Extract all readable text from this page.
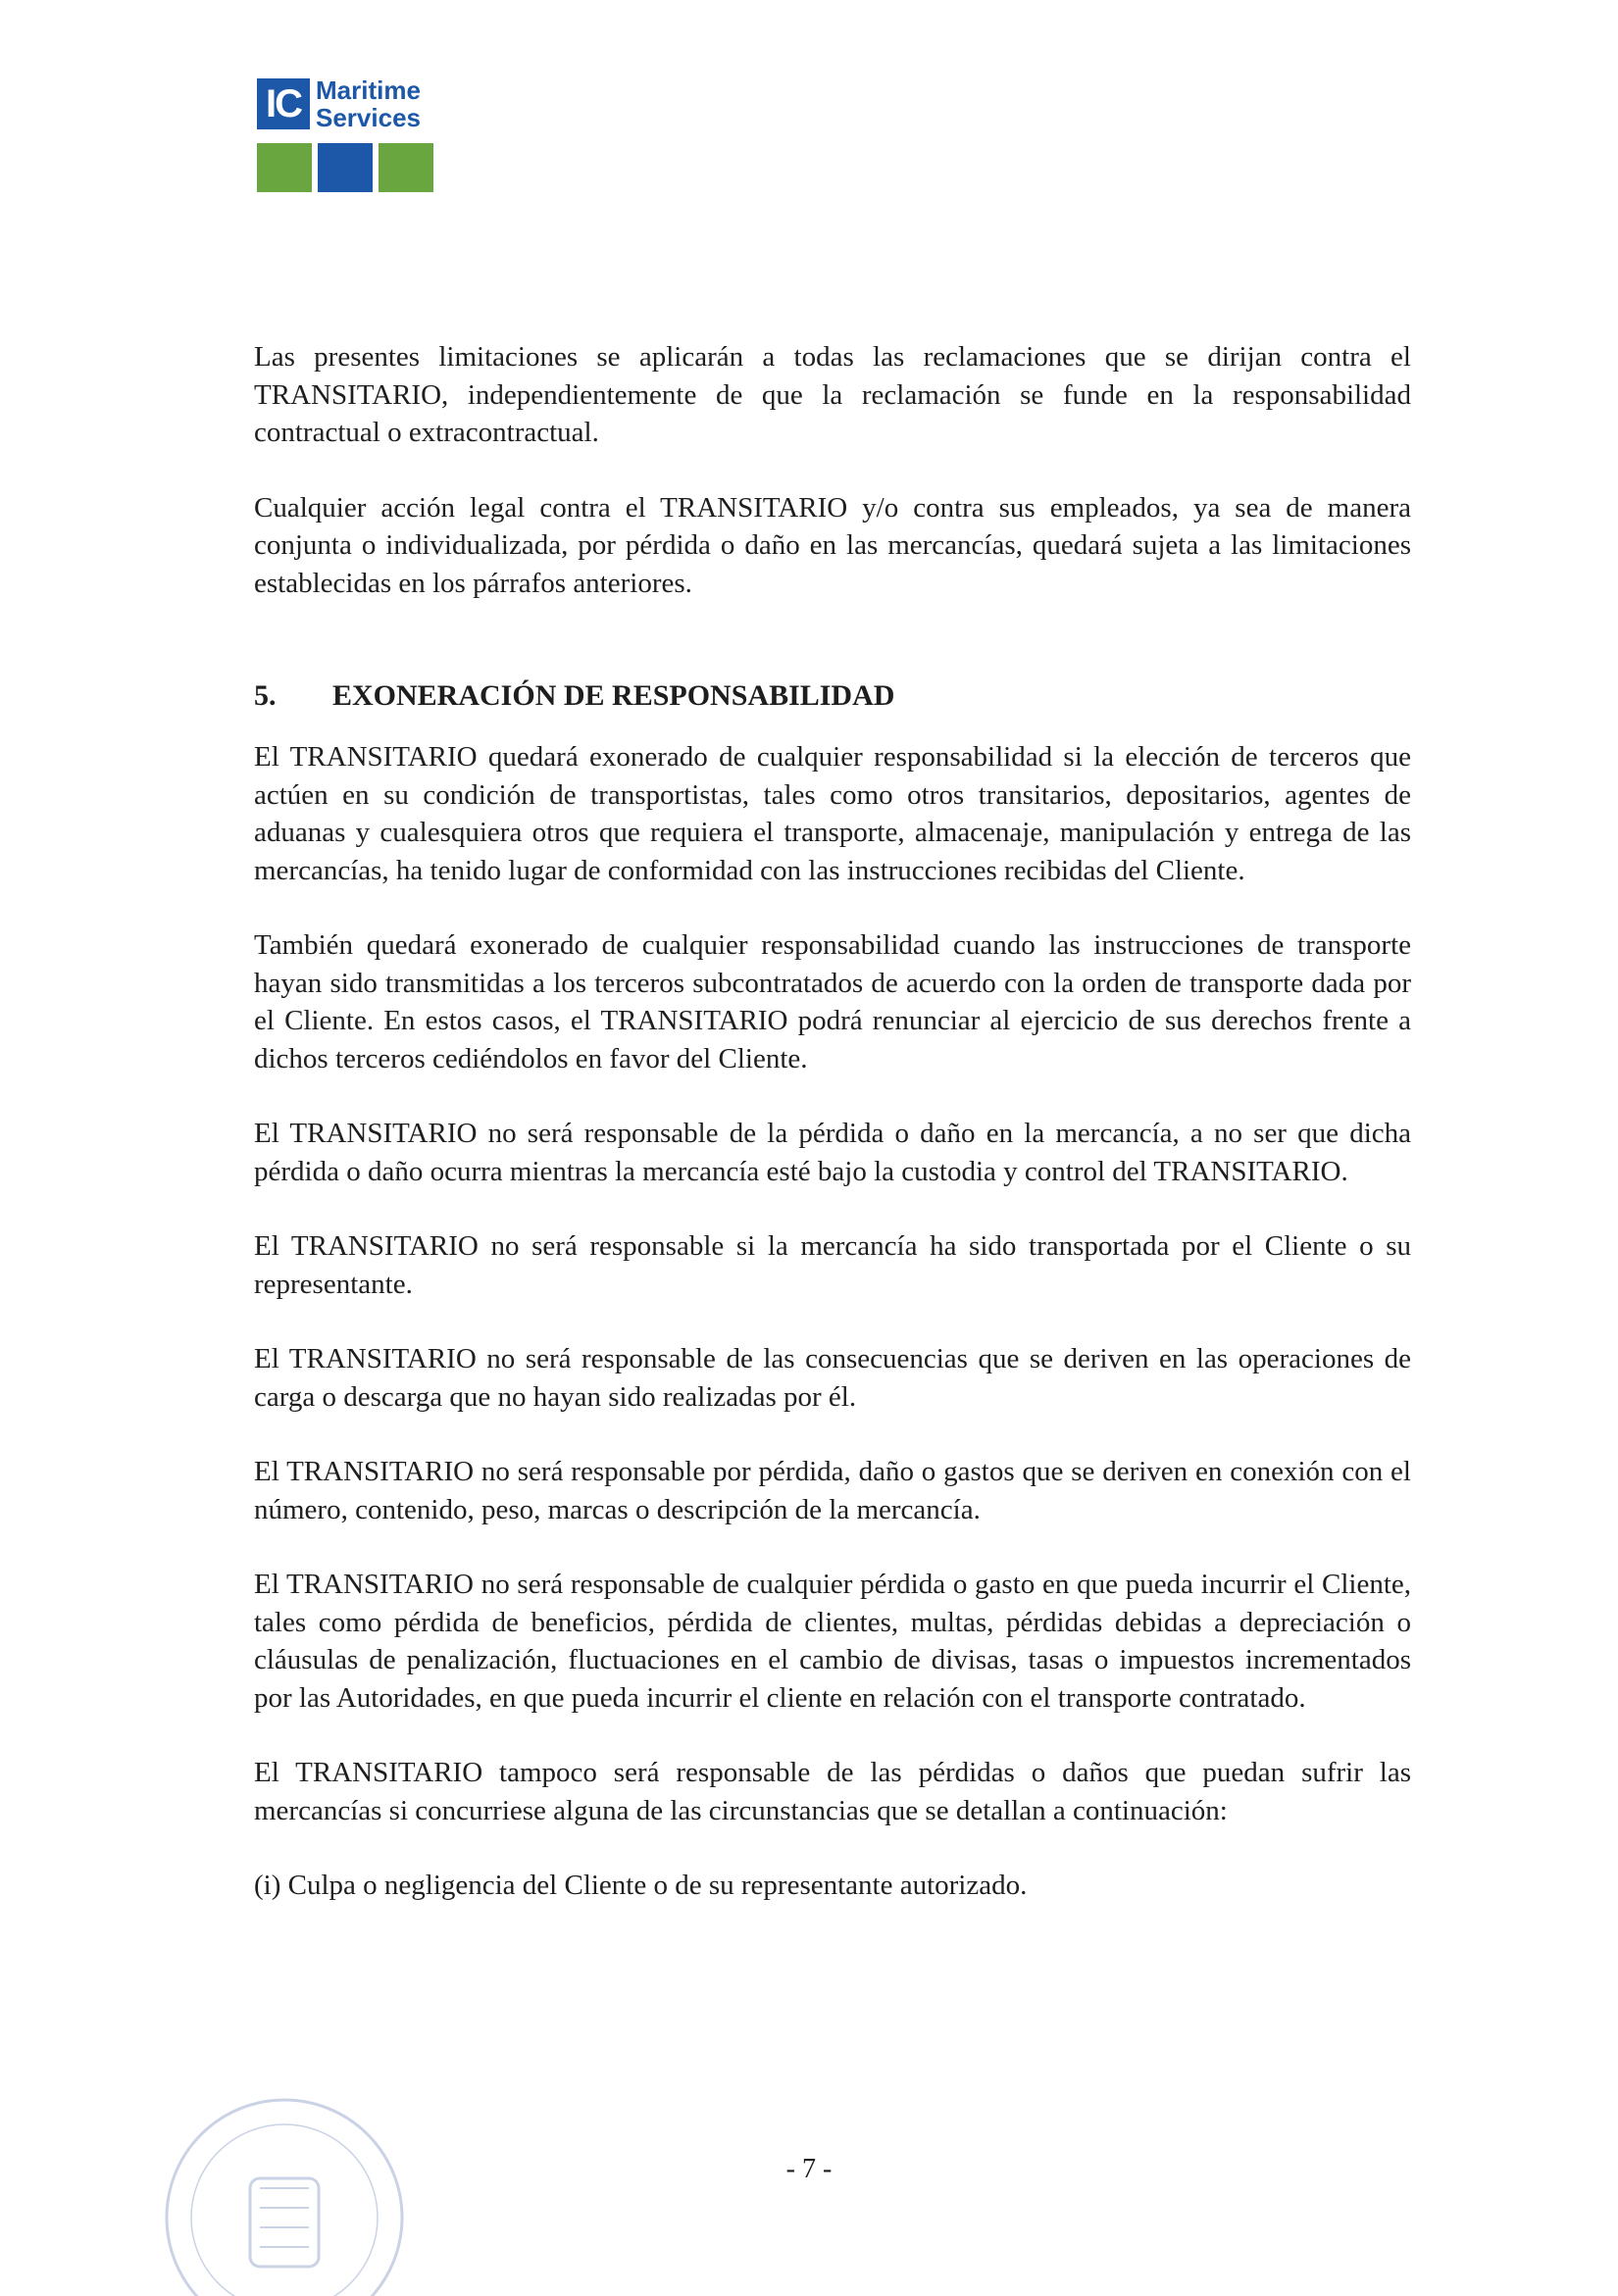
IC Maritime
Services

Las presentes limitaciones se aplicarán a todas las reclamaciones que se dirijan contra el TRANSITARIO, independientemente de que la reclamación se funde en la responsabilidad contractual o extracontractual.

Cualquier acción legal contra el TRANSITARIO y/o contra sus empleados, ya sea de manera conjunta o individualizada, por pérdida o daño en las mercancías, quedará sujeta a las limitaciones establecidas en los párrafos anteriores.

5. EXONERACIÓN DE RESPONSABILIDAD

El TRANSITARIO quedará exonerado de cualquier responsabilidad si la elección de terceros que actúen en su condición de transportistas, tales como otros transitarios, depositarios, agentes de aduanas y cualesquiera otros que requiera el transporte, almacenaje, manipulación y entrega de las mercancías, ha tenido lugar de conformidad con las instrucciones recibidas del Cliente.

También quedará exonerado de cualquier responsabilidad cuando las instrucciones de transporte hayan sido transmitidas a los terceros subcontratados de acuerdo con la orden de transporte dada por el Cliente. En estos casos, el TRANSITARIO podrá renunciar al ejercicio de sus derechos frente a dichos terceros cediéndolos en favor del Cliente.

El TRANSITARIO no será responsable de la pérdida o daño en la mercancía, a no ser que dicha pérdida o daño ocurra mientras la mercancía esté bajo la custodia y control del TRANSITARIO.

El TRANSITARIO no será responsable si la mercancía ha sido transportada por el Cliente o su representante.

El TRANSITARIO no será responsable de las consecuencias que se deriven en las operaciones de carga o descarga que no hayan sido realizadas por él.

El TRANSITARIO no será responsable por pérdida, daño o gastos que se deriven en conexión con el número, contenido, peso, marcas o descripción de la mercancía.

El TRANSITARIO no será responsable de cualquier pérdida o gasto en que pueda incurrir el Cliente, tales como pérdida de beneficios, pérdida de clientes, multas, pérdidas debidas a depreciación o cláusulas de penalización, fluctuaciones en el cambio de divisas, tasas o impuestos incrementados por las Autoridades, en que pueda incurrir el cliente en relación con el transporte contratado.

El TRANSITARIO tampoco será responsable de las pérdidas o daños que puedan sufrir las mercancías si concurriese alguna de las circunstancias que se detallan a continuación:

(i) Culpa o negligencia del Cliente o de su representante autorizado.

- 7 -
